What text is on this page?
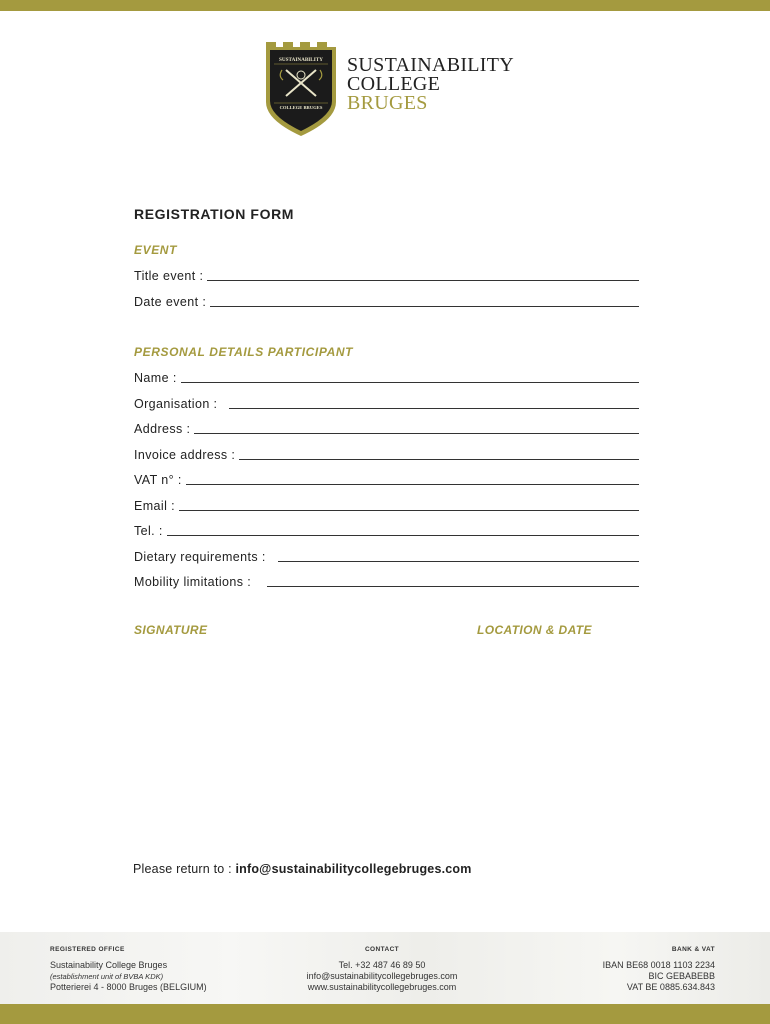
SUSTAINABILITY
COLLEGE BRUGES
SUSTAINABILITY
COLLEGE
BRUGES
REGISTRATION FORM
EVENT
Title event :
Date event :
PERSONAL DETAILS PARTICIPANT
Name :
Organisation :
Address :
Invoice address :
VAT n° :
Email :
Tel. :
Dietary requirements :
Mobility limitations :
SIGNATURE	LOCATION & DATE
Please return to : info@sustainabilitycollegebruges.com
REGISTERED OFFICE
Sustainability College Bruges
(establishment unit of BVBA KDK)
Potterierei 4 - 8000 Bruges (BELGIUM)
CONTACT
Tel. +32 487 46 89 50
info@sustainabilitycollegebruges.com
www.sustainabilitycollegebruges.com
BANK & VAT
IBAN BE68 0018 1103 2234
BIC GEBABEBB
VAT BE 0885.634.843
